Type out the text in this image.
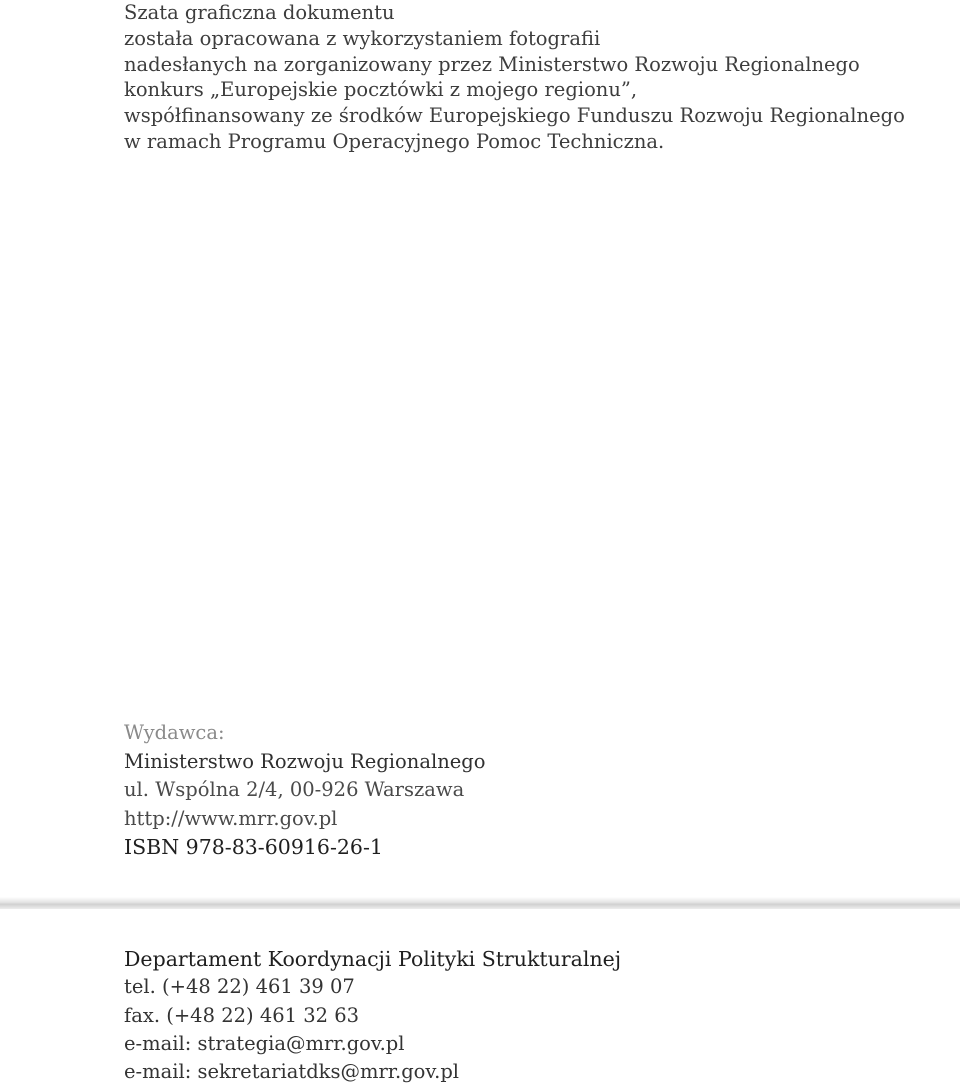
Szata graficzna dokumentu
została opracowana z wykorzystaniem fotografii
nadesłanych na zorganizowany przez Ministerstwo Rozwoju Regionalnego
konkurs „Europejskie pocztówki z mojego regionu”,
współfinansowany ze środków Europejskiego Funduszu Rozwoju Regionalnego
w ramach Programu Operacyjnego Pomoc Techniczna.
Wydawca:
Ministerstwo Rozwoju Regionalnego
ul. Wspólna 2/4, 00-926 Warszawa
http://www.mrr.gov.pl
ISBN 978-83-60916-26-1
Departament Koordynacji Polityki Strukturalnej
tel. (+48 22) 461 39 07
fax. (+48 22) 461 32 63
e-mail: strategia@mrr.gov.pl
e-mail: sekretariatdks@mrr.gov.pl
